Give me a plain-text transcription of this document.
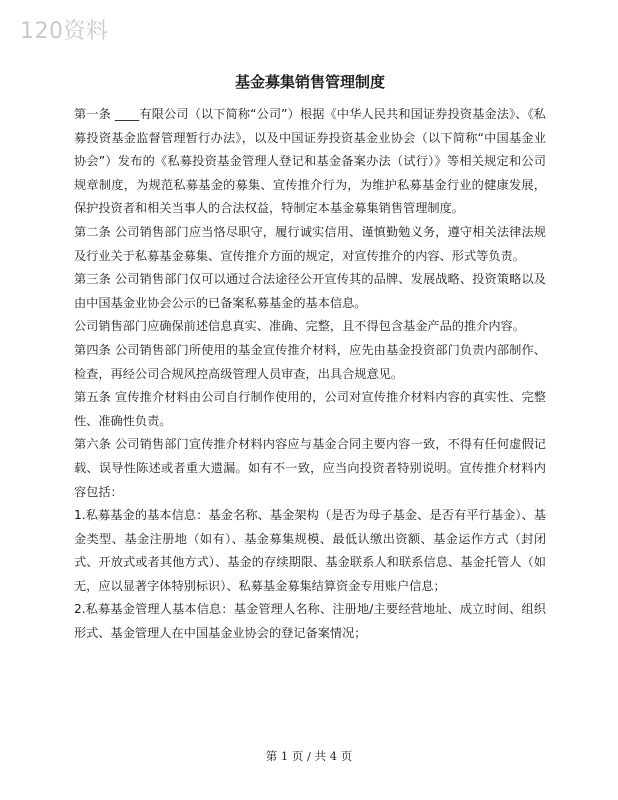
120资料
基金募集销售管理制度

第一条 ____有限公司（以下简称“公司”）根据《中华人民共和国证券投资基金法》、《私募投资基金监督管理暂行办法》，以及中国证券投资基金业协会（以下简称“中国基金业协会”）发布的《私募投资基金管理人登记和基金备案办法（试行）》等相关规定和公司规章制度，为规范私募基金的募集、宣传推介行为，为维护私募基金行业的健康发展，保护投资者和相关当事人的合法权益，特制定本基金募集销售管理制度。

第二条 公司销售部门应当恪尽职守，履行诚实信用、谨慎勤勉义务，遵守相关法律法规及行业关于私募基金募集、宣传推介方面的规定，对宣传推介的内容、形式等负责。

第三条 公司销售部门仅可以通过合法途径公开宣传其的品牌、发展战略、投资策略以及由中国基金业协会公示的已备案私募基金的基本信息。

公司销售部门应确保前述信息真实、准确、完整，且不得包含基金产品的推介内容。

第四条 公司销售部门所使用的基金宣传推介材料，应先由基金投资部门负责内部制作、检查，再经公司合规风控高级管理人员审查，出具合规意见。

第五条 宣传推介材料由公司自行制作使用的，公司对宣传推介材料内容的真实性、完整性、准确性负责。

第六条 公司销售部门宣传推介材料内容应与基金合同主要内容一致，不得有任何虚假记载、误导性陈述或者重大遗漏。如有不一致，应当向投资者特别说明。宣传推介材料内容包括：

1.私募基金的基本信息：基金名称、基金架构（是否为母子基金、是否有平行基金）、基金类型、基金注册地（如有）、基金募集规模、最低认缴出资额、基金运作方式（封闭式、开放式或者其他方式）、基金的存续期限、基金联系人和联系信息、基金托管人（如无，应以显著字体特别标识）、私募基金募集结算资金专用账户信息；

2.私募基金管理人基本信息：基金管理人名称、注册地/主要经营地址、成立时间、组织形式、基金管理人在中国基金业协会的登记备案情况；

第 1 页 / 共 4 页
